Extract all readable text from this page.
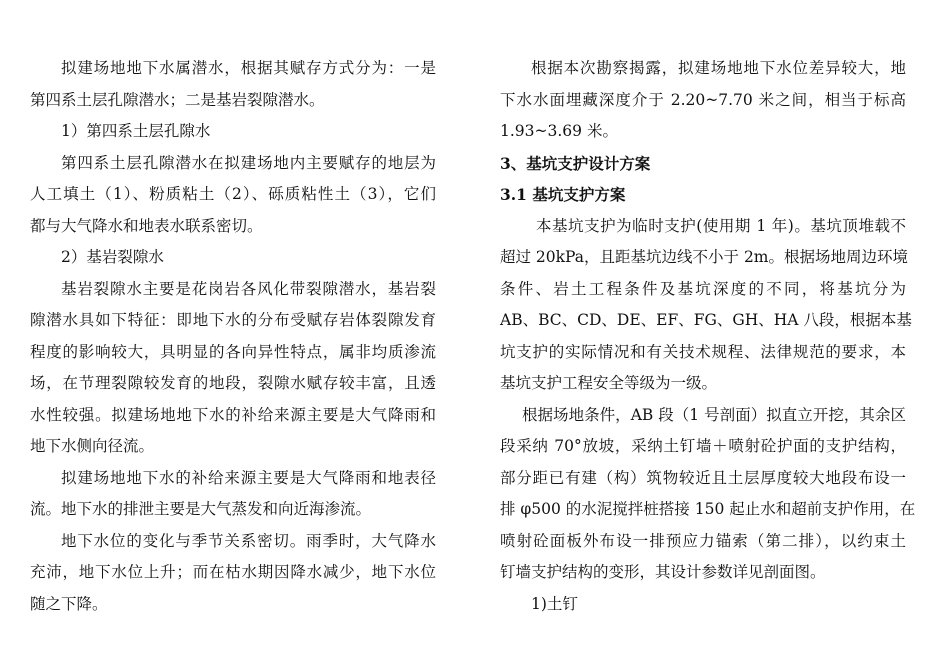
拟建场地地下水属潜水，根据其赋存方式分为：一是
第四系土层孔隙潜水；二是基岩裂隙潜水。
1）第四系土层孔隙水
第四系土层孔隙潜水在拟建场地内主要赋存的地层为
人工填土（1）、粉质粘土（2）、砾质粘性土（3），它们
都与大气降水和地表水联系密切。
2）基岩裂隙水
基岩裂隙水主要是花岗岩各风化带裂隙潜水，基岩裂
隙潜水具如下特征：即地下水的分布受赋存岩体裂隙发育
程度的影响较大，具明显的各向异性特点，属非均质渗流
场，在节理裂隙较发育的地段，裂隙水赋存较丰富，且透
水性较强。拟建场地地下水的补给来源主要是大气降雨和
地下水侧向径流。
拟建场地地下水的补给来源主要是大气降雨和地表径
流。地下水的排泄主要是大气蒸发和向近海渗流。
地下水位的变化与季节关系密切。雨季时，大气降水
充沛，地下水位上升；而在枯水期因降水减少，地下水位
随之下降。
根据本次勘察揭露，拟建场地地下水位差异较大，地
下水水面埋藏深度介于 2.20~7.70 米之间，相当于标高
1.93~3.69 米。
3、基坑支护设计方案
3.1 基坑支护方案
本基坑支护为临时支护(使用期 1 年)。基坑顶堆载不
超过 20kPa，且距基坑边线不小于 2m。根据场地周边环境
条件、岩土工程条件及基坑深度的不同，将基坑分为
AB、BC、CD、DE、EF、FG、GH、HA 八段，根据本基
坑支护的实际情况和有关技术规程、法律规范的要求，本
基坑支护工程安全等级为一级。
根据场地条件，AB 段（1 号剖面）拟直立开挖，其余区
段采纳 70°放坡，采纳土钉墙＋喷射砼护面的支护结构，
部分距已有建（构）筑物较近且土层厚度较大地段布设一
排 φ500 的水泥搅拌桩搭接 150 起止水和超前支护作用，在
喷射砼面板外布设一排预应力锚索（第二排），以约束土
钉墙支护结构的变形，其设计参数详见剖面图。
1)土钉
